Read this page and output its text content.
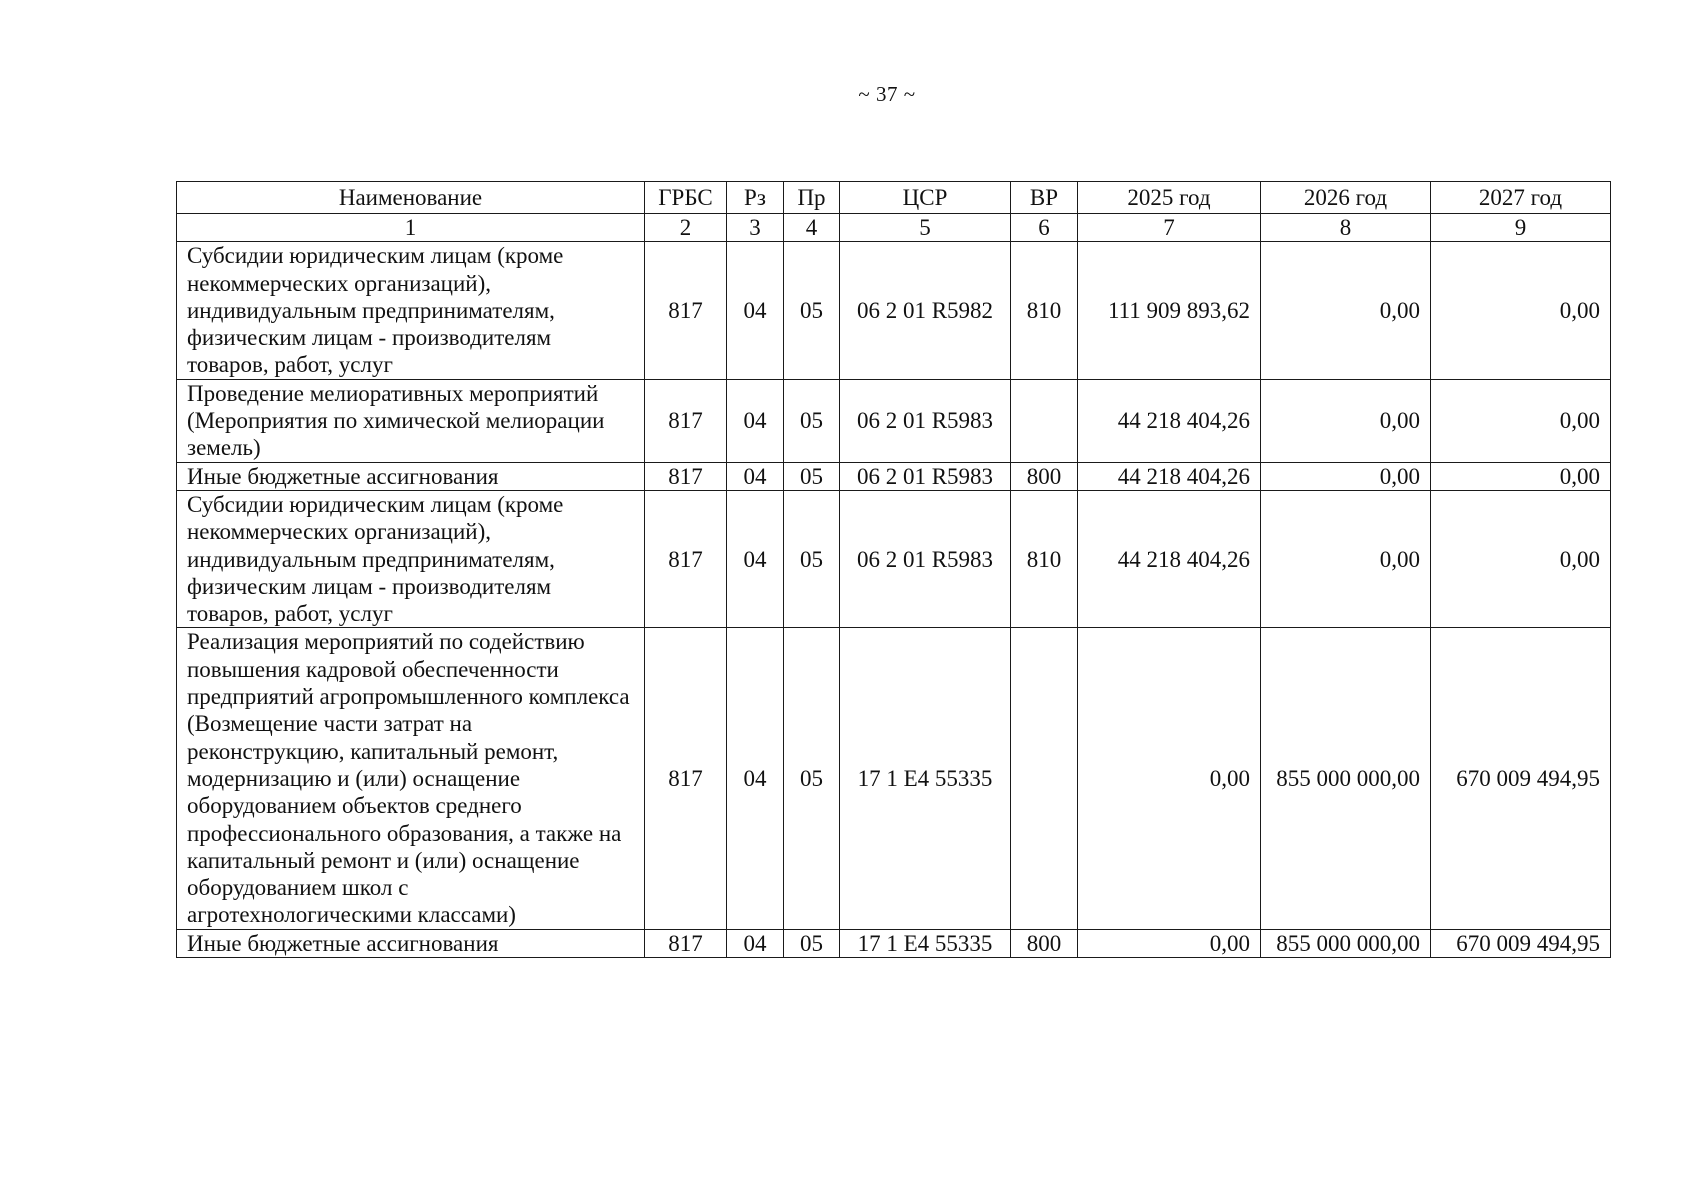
~ 37 ~
Наименование	ГРБС	Рз	Пр	ЦСР	ВР	2025 год	2026 год	2027 год
1	2	3	4	5	6	7	8	9
Субсидии юридическим лицам (кроме некоммерческих организаций), индивидуальным предпринимателям, физическим лицам - производителям товаров, работ, услуг	817	04	05	06 2 01 R5982	810	111 909 893,62	0,00	0,00
Проведение мелиоративных мероприятий (Мероприятия по химической мелиорации земель)	817	04	05	06 2 01 R5983		44 218 404,26	0,00	0,00
Иные бюджетные ассигнования	817	04	05	06 2 01 R5983	800	44 218 404,26	0,00	0,00
Субсидии юридическим лицам (кроме некоммерческих организаций), индивидуальным предпринимателям, физическим лицам - производителям товаров, работ, услуг	817	04	05	06 2 01 R5983	810	44 218 404,26	0,00	0,00
Реализация мероприятий по содействию повышения кадровой обеспеченности предприятий агропромышленного комплекса (Возмещение части затрат на реконструкцию, капитальный ремонт, модернизацию и (или) оснащение оборудованием объектов среднего профессионального образования, а также на капитальный ремонт и (или) оснащение оборудованием школ с агротехнологическими классами)	817	04	05	17 1 E4 55335		0,00	855 000 000,00	670 009 494,95
Иные бюджетные ассигнования	817	04	05	17 1 E4 55335	800	0,00	855 000 000,00	670 009 494,95
